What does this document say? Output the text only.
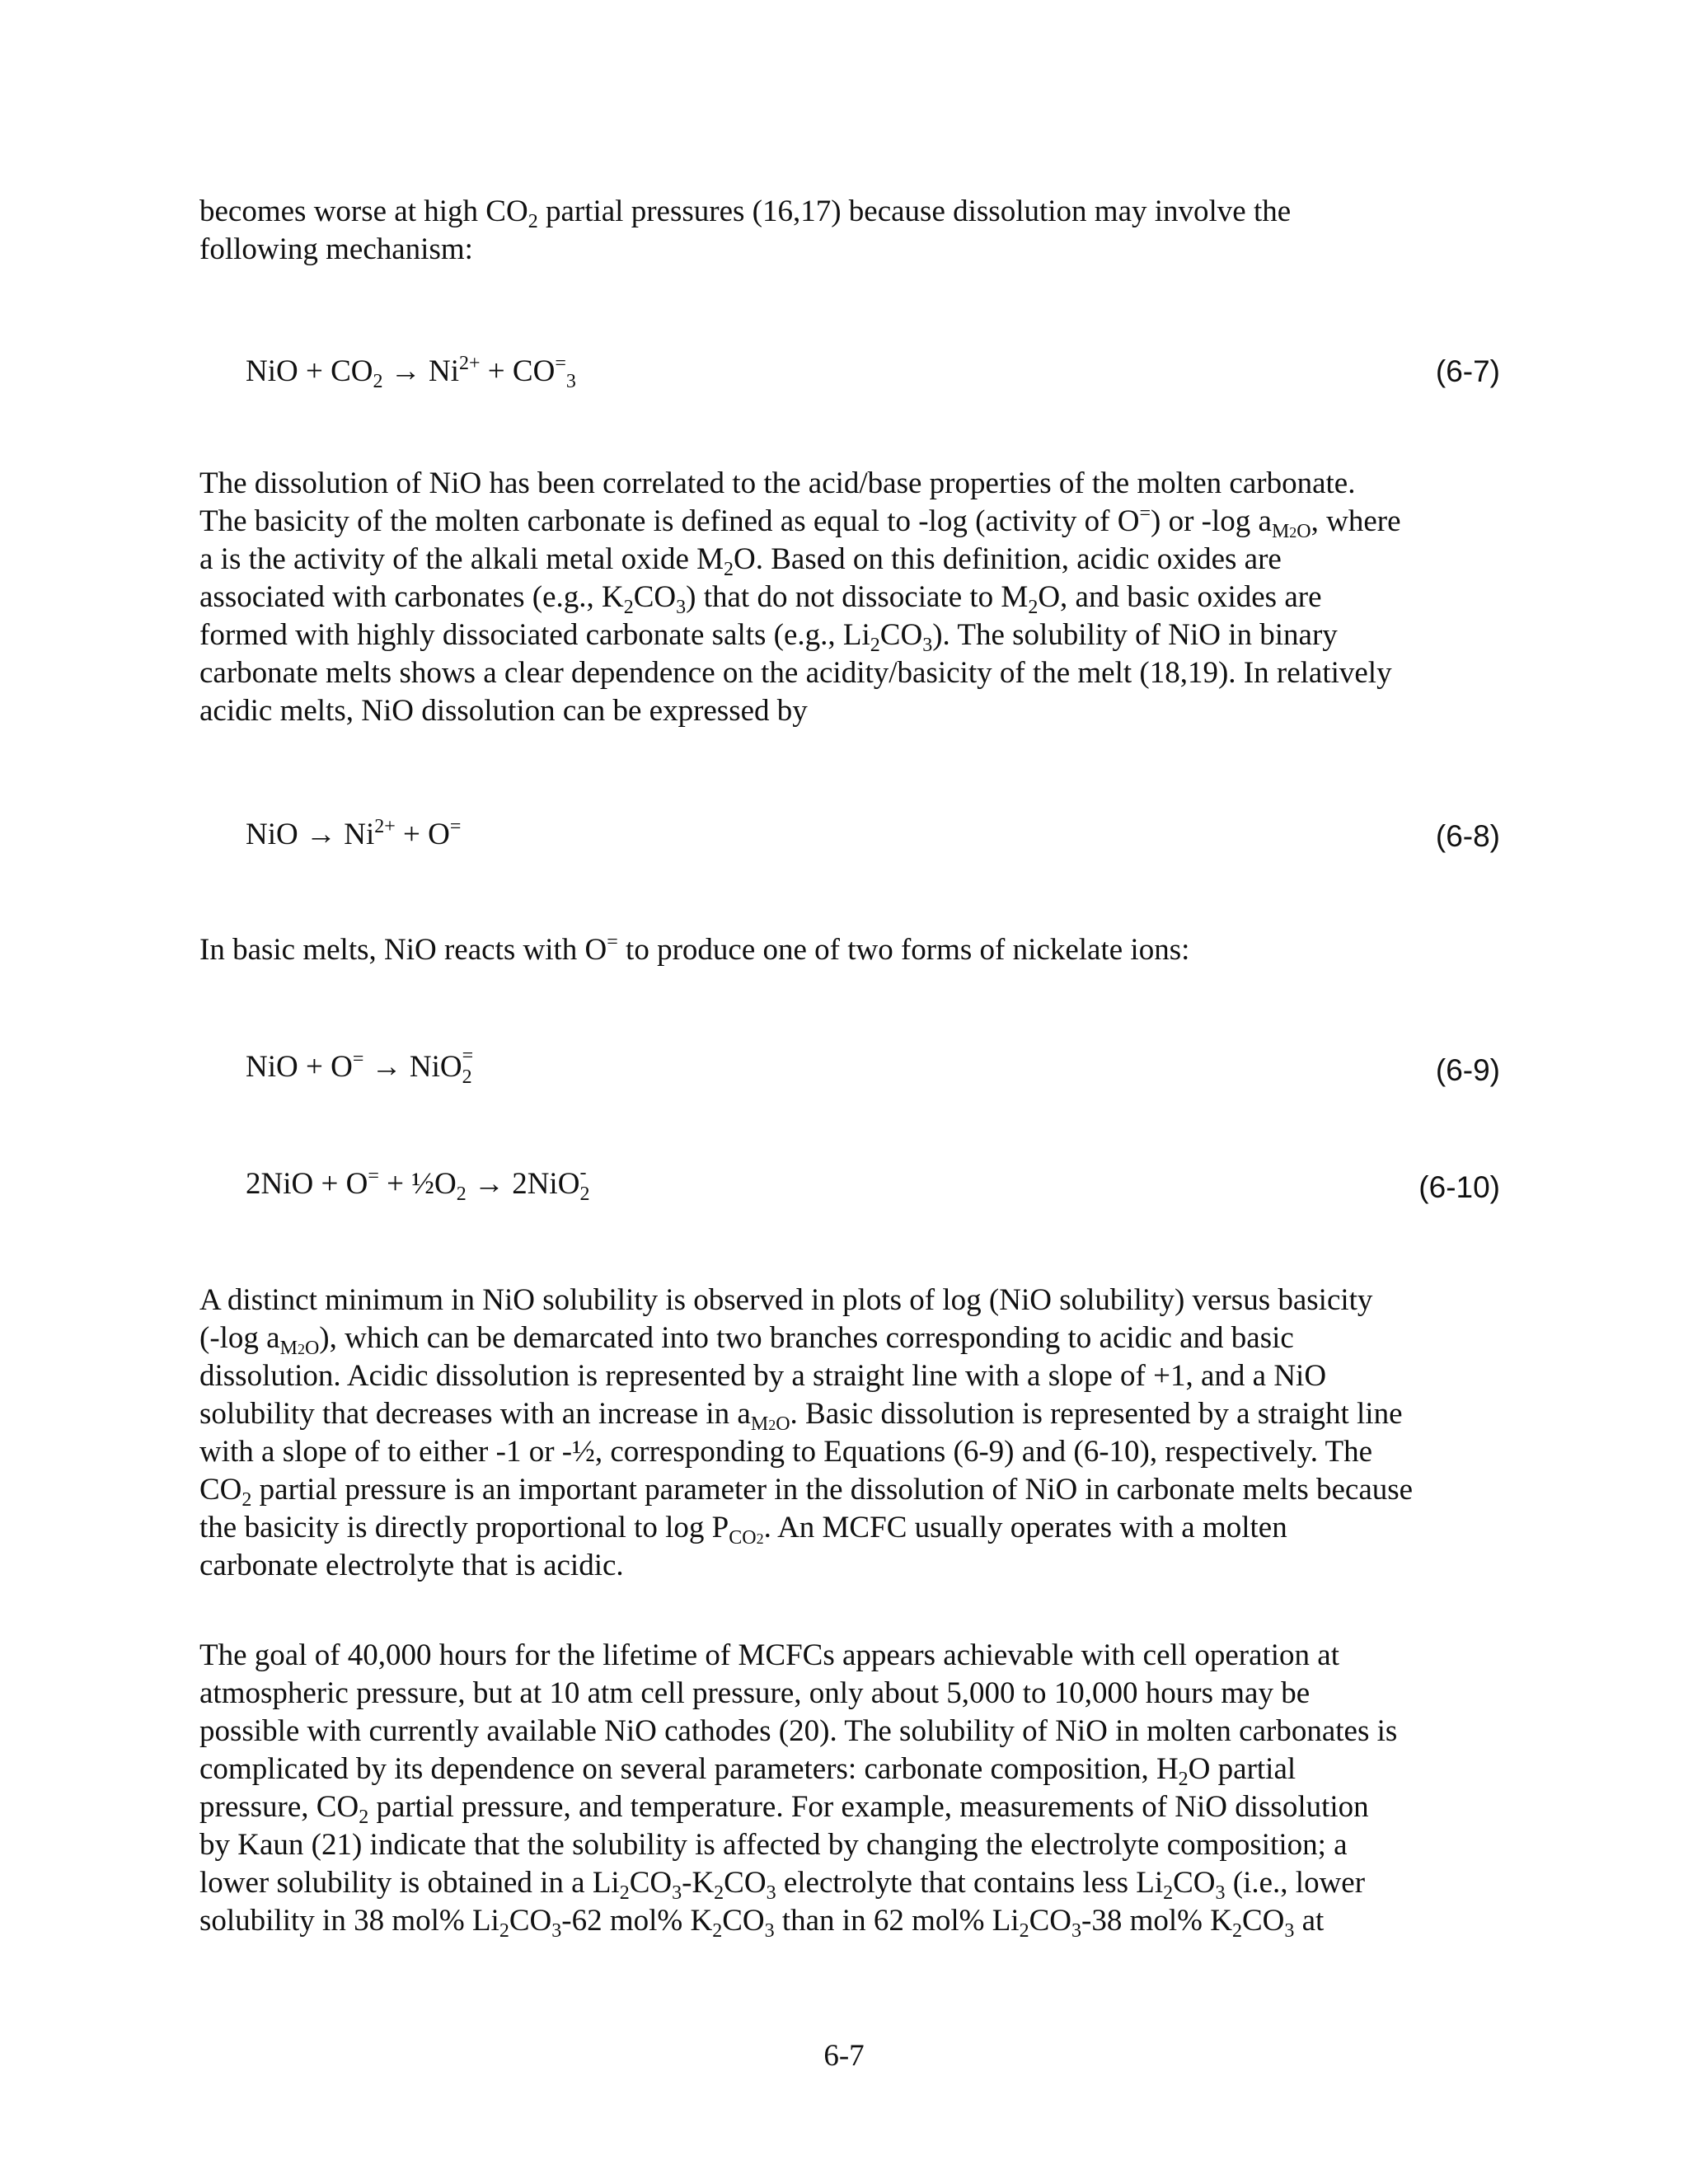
becomes worse at high $CO_2$ partial pressures (16,17) because dissolution may involve the
following mechanism:

NiO + $CO_2 \to Ni^{2+} + CO^=_3$	(6-7)

The dissolution of NiO has been correlated to the acid/base properties of the molten carbonate.
The basicity of the molten carbonate is defined as equal to -log (activity of O=) or -log $a_{M2O}$, where
a is the activity of the alkali metal oxide $M_2O$. Based on this definition, acidic oxides are
associated with carbonates (e.g., $K_2CO_3$) that do not dissociate to $M_2O$, and basic oxides are
formed with highly dissociated carbonate salts (e.g., $Li_2CO_3$). The solubility of NiO in binary
carbonate melts shows a clear dependence on the acidity/basicity of the melt (18,19). In relatively
acidic melts, NiO dissolution can be expressed by

NiO → $Ni^{2+} + O^=$	(6-8)

In basic melts, NiO reacts with O= to produce one of two forms of nickelate ions:

NiO + O= → NiO$_2$
=	(6-9)
$2NiO + O^= + \frac{1}{2}O_2 \to 2NiO_2$
-	(6-10)

A distinct minimum in NiO solubility is observed in plots of log (NiO solubility) versus basicity
(-log $a_{M2O}$), which can be demarcated into two branches corresponding to acidic and basic
dissolution. Acidic dissolution is represented by a straight line with a slope of +1, and a NiO
solubility that decreases with an increase in $a_{M2O}$. Basic dissolution is represented by a straight line
with a slope of to either -1 or -½, corresponding to Equations (6-9) and (6-10), respectively. The
$CO_2$ partial pressure is an important parameter in the dissolution of NiO in carbonate melts because
the basicity is directly proportional to $\log P_{CO2}$. An MCFC usually operates with a molten
carbonate electrolyte that is acidic.

The goal of 40,000 hours for the lifetime of MCFCs appears achievable with cell operation at
atmospheric pressure, but at 10 atm cell pressure, only about 5,000 to 10,000 hours may be
possible with currently available NiO cathodes (20). The solubility of NiO in molten carbonates is
complicated by its dependence on several parameters: carbonate composition, $H_2O$ partial
pressure, $CO_2$ partial pressure, and temperature. For example, measurements of NiO dissolution
by Kaun (21) indicate that the solubility is affected by changing the electrolyte composition; a
lower solubility is obtained in a $Li_2CO_3-K_2CO_3$ electrolyte that contains less $Li_2CO_3$ (i.e., lower
solubility in 38 mol% $Li_2CO_3-62$ mol% $K_2CO_3$ than in 62 mol% $Li_2CO_3-38$ mol% $K_2CO_3$ at

6-7
